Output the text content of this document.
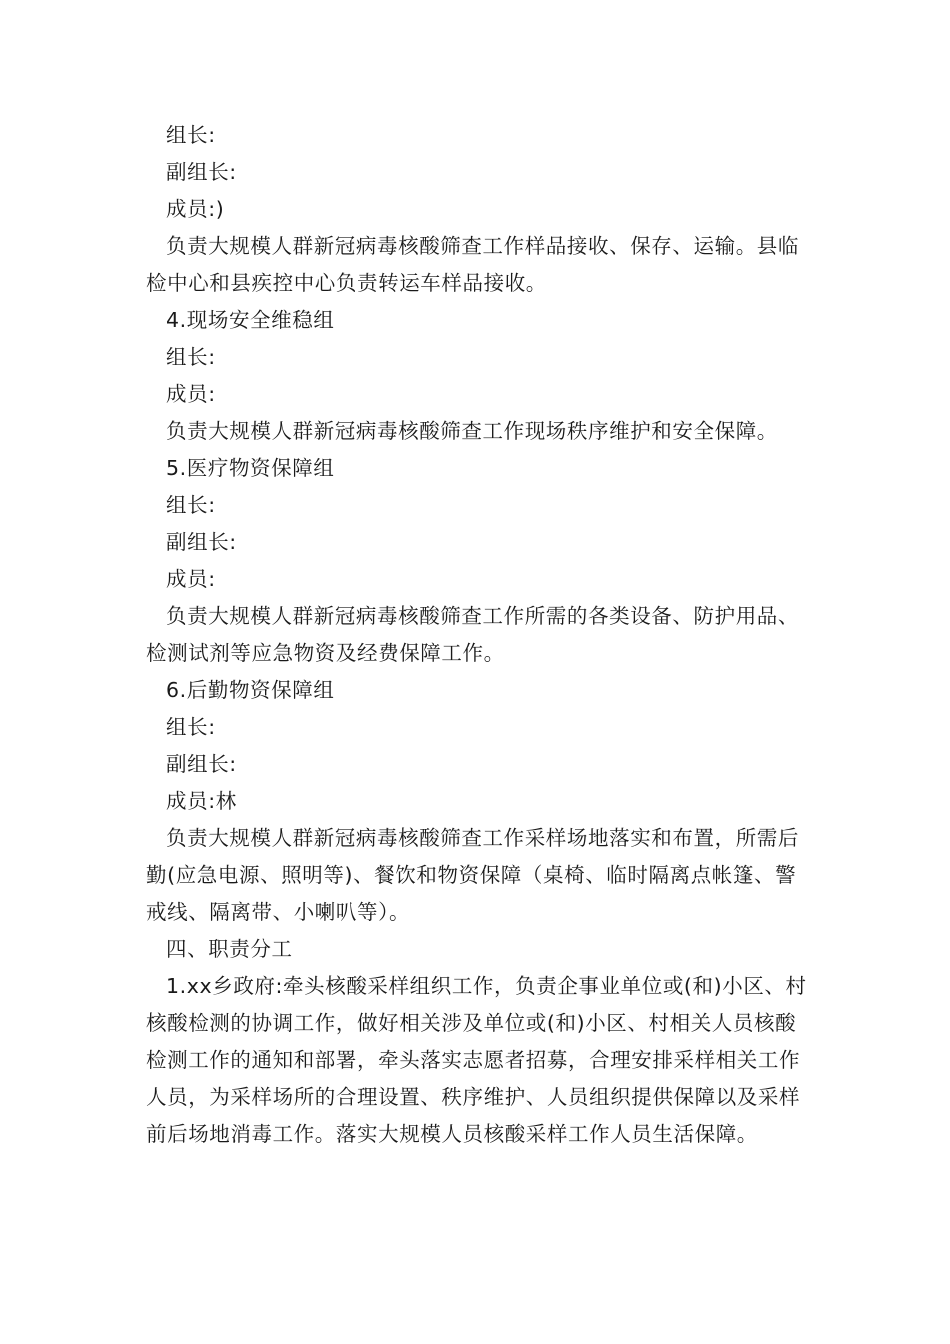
组长:

副组长:

成员:)

负责大规模人群新冠病毒核酸筛查工作样品接收、保存、运输。县临检中心和县疾控中心负责转运车样品接收。

4.现场安全维稳组

组长:

成员:

负责大规模人群新冠病毒核酸筛查工作现场秩序维护和安全保障。

5.医疗物资保障组

组长:

副组长:

成员:

负责大规模人群新冠病毒核酸筛查工作所需的各类设备、防护用品、检测试剂等应急物资及经费保障工作。

6.后勤物资保障组

组长:

副组长:

成员:林

负责大规模人群新冠病毒核酸筛查工作采样场地落实和布置，所需后勤(应急电源、照明等)、餐饮和物资保障（桌椅、临时隔离点帐篷、警戒线、隔离带、小喇叭等）。

四、职责分工

1.xx乡政府:牵头核酸采样组织工作，负责企事业单位或(和)小区、村核酸检测的协调工作，做好相关涉及单位或(和)小区、村相关人员核酸检测工作的通知和部署，牵头落实志愿者招募，合理安排采样相关工作人员，为采样场所的合理设置、秩序维护、人员组织提供保障以及采样前后场地消毒工作。落实大规模人员核酸采样工作人员生活保障。
